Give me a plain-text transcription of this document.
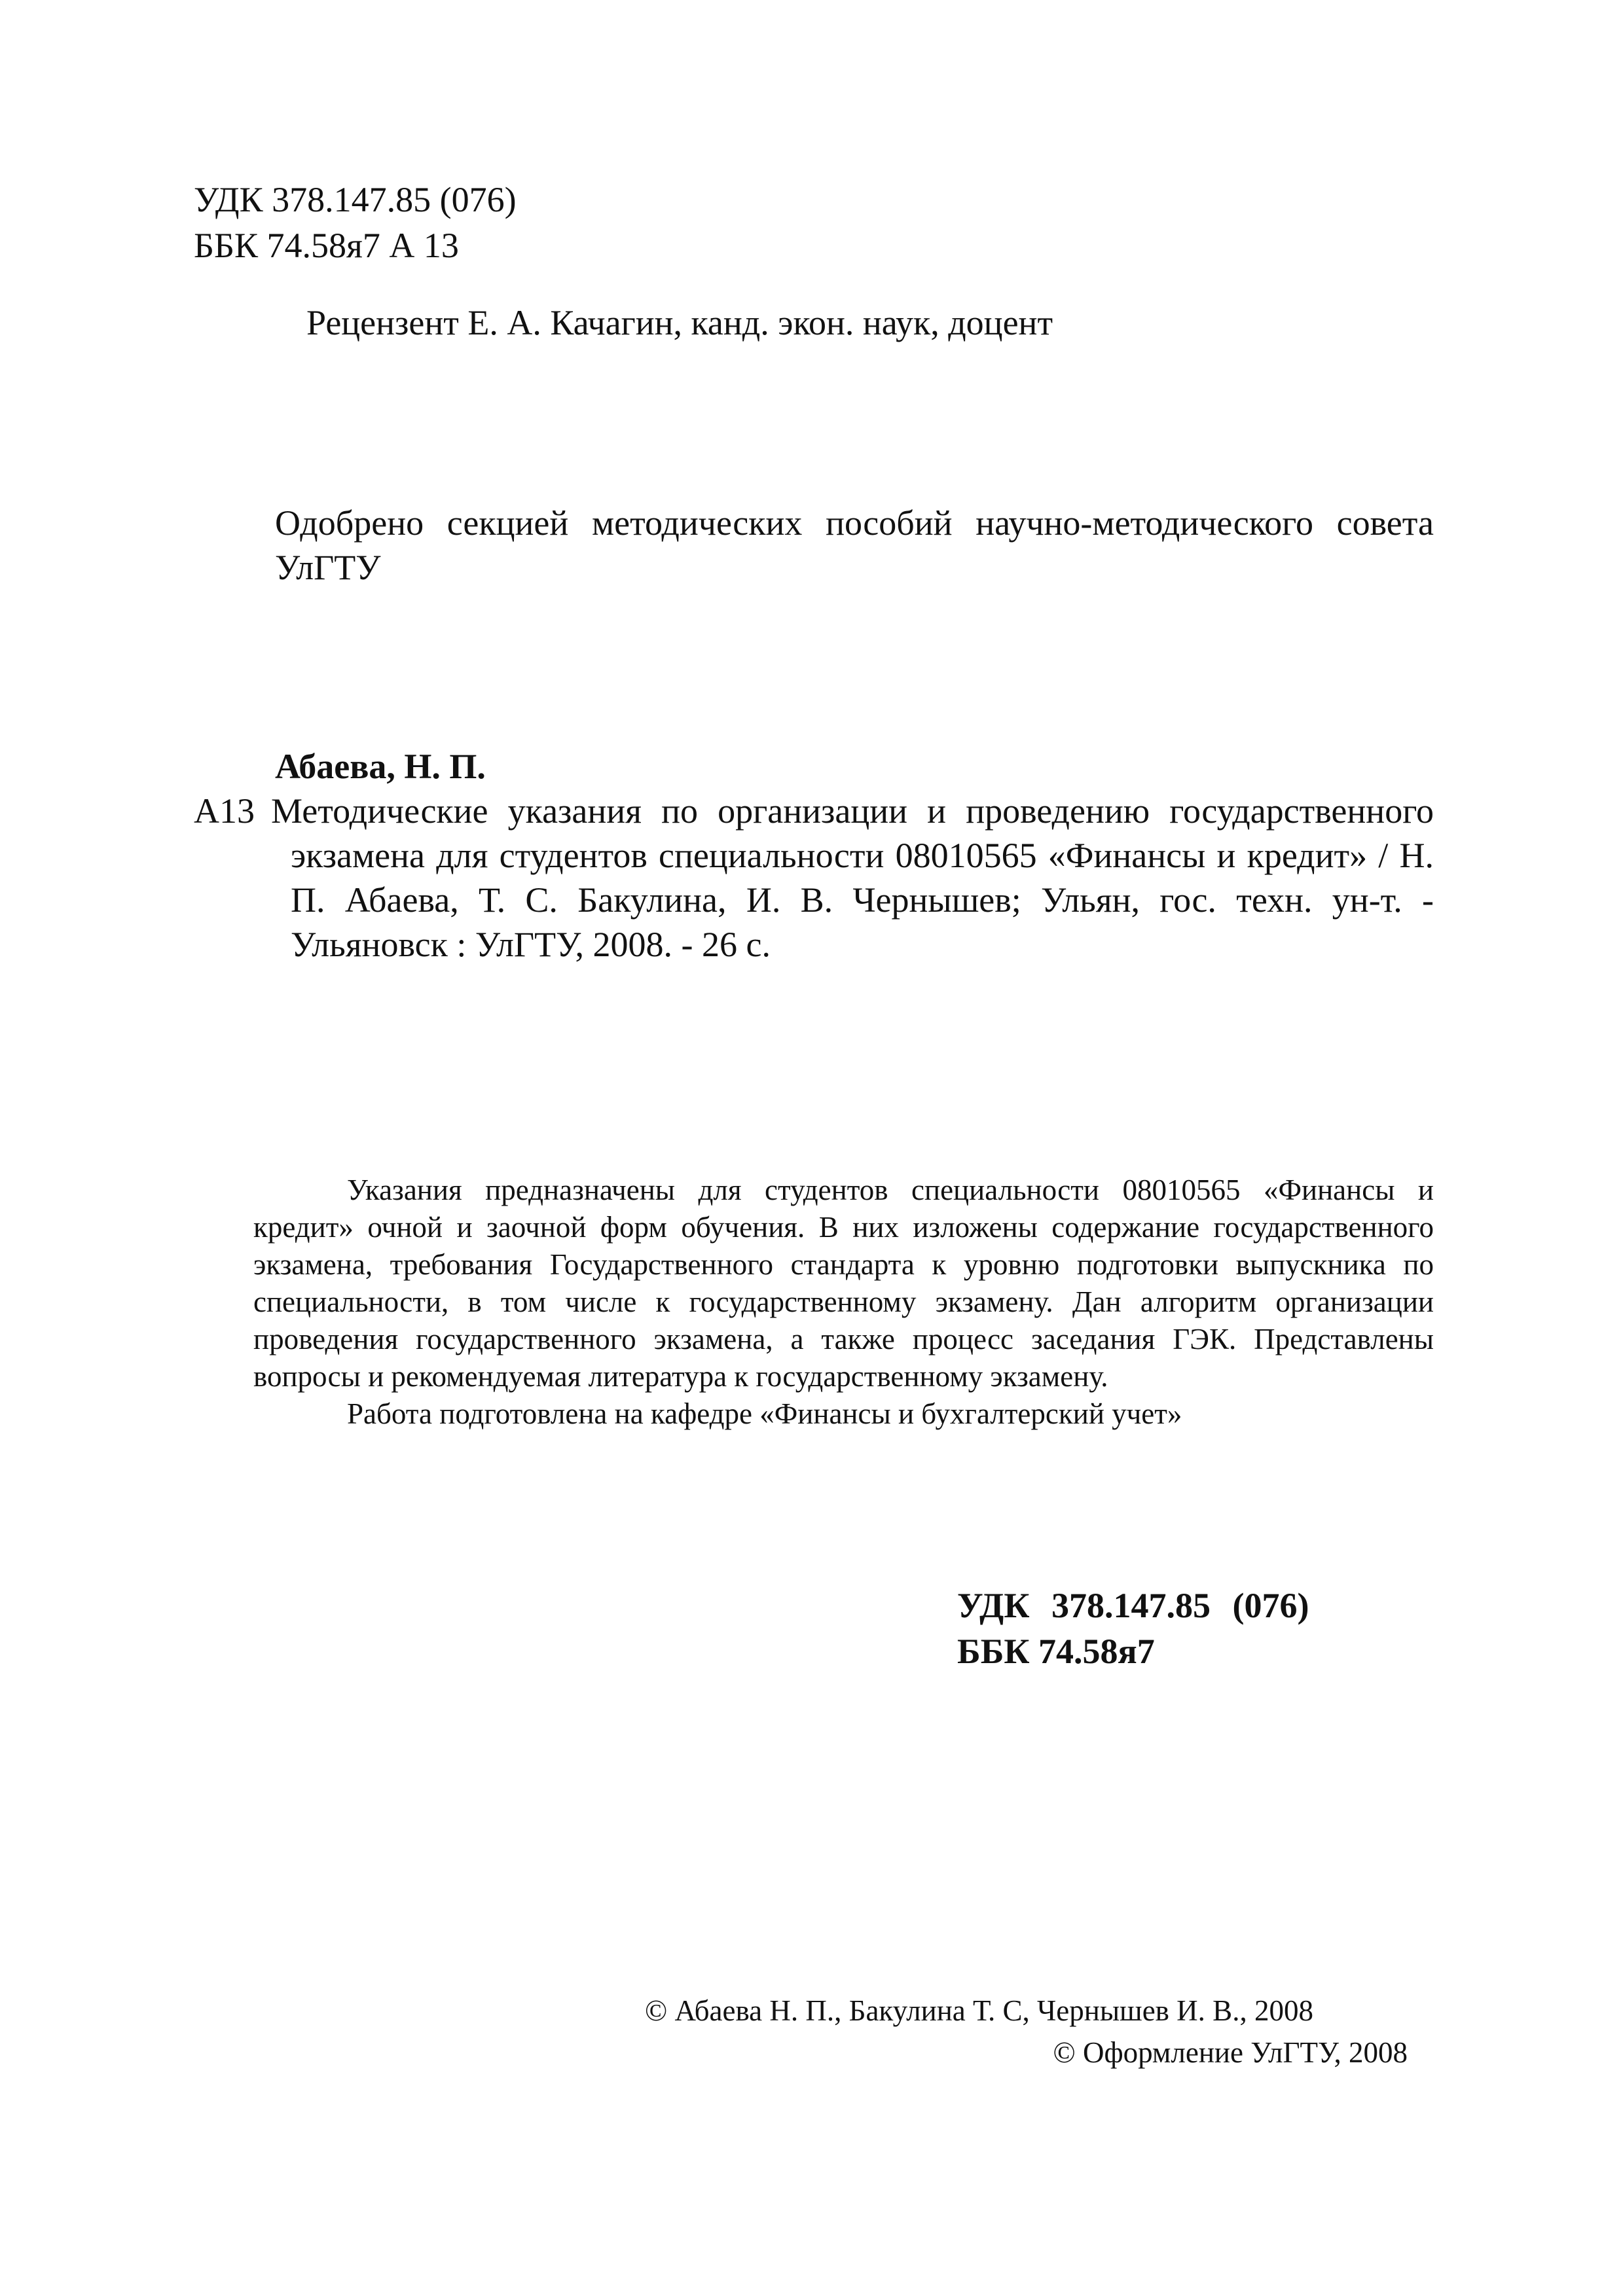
УДК 378.147.85 (076)
ББК 74.58я7 А 13
Рецензент Е. А. Качагин, канд. экон. наук, доцент
Одобрено секцией методических пособий научно-методического совета
УлГТУ
Абаева, Н. П.
А13 Методические указания по организации и проведению государственного
экзамена для студентов специальности 08010565 «Финансы и кредит» / Н.
П. Абаева, Т. С. Бакулина, И. В. Чернышев; Ульян, гос. техн. ун-т. -
Ульяновск : УлГТУ, 2008. - 26 с.
Указания предназначены для студентов специальности 08010565 «Финансы и
кредит» очной и заочной форм обучения. В них изложены содержание государственного
экзамена, требования Государственного стандарта к уровню подготовки выпускника по
специальности, в том числе к государственному экзамену. Дан алгоритм организации
проведения государственного экзамена, а также процесс заседания ГЭК. Представлены
вопросы и рекомендуемая литература к государственному экзамену.
Работа подготовлена на кафедре «Финансы и бухгалтерский учет»
УДК 378.147.85 (076)
ББК 74.58я7
© Абаева Н. П., Бакулина Т. С, Чернышев И. В., 2008
© Оформление УлГТУ, 2008
